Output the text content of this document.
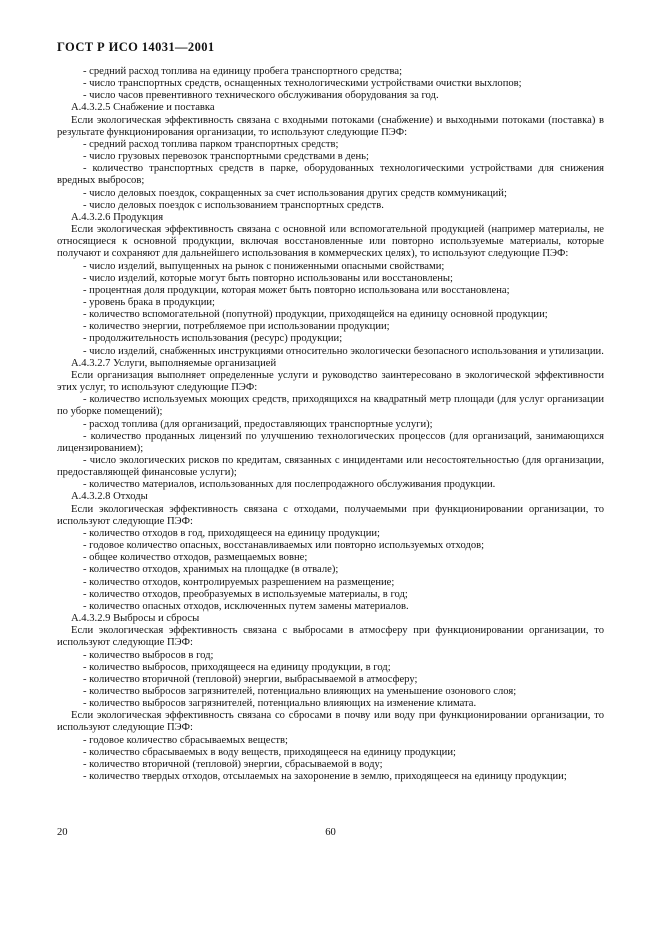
ГОСТ Р ИСО 14031—2001
- средний расход топлива на единицу пробега транспортного средства;
- число транспортных средств, оснащенных технологическими устройствами очистки выхлопов;
- число часов превентивного технического обслуживания оборудования за год.
А.4.3.2.5 Снабжение и поставка
Если экологическая эффективность связана с входными потоками (снабжение) и выходными потоками (поставка) в результате функционирования организации, то используют следующие ПЭФ:
- средний расход топлива парком транспортных средств;
- число грузовых перевозок транспортными средствами в день;
- количество транспортных средств в парке, оборудованных технологическими устройствами для снижения вредных выбросов;
- число деловых поездок, сокращенных за счет использования других средств коммуникаций;
- число деловых поездок с использованием транспортных средств.
А.4.3.2.6 Продукция
Если экологическая эффективность связана с основной или вспомогательной продукцией (например материалы, не относящиеся к основной продукции, включая восстановленные или повторно используемые материалы, которые получают и сохраняют для дальнейшего использования в коммерческих целях), то используют следующие ПЭФ:
- число изделий, выпущенных на рынок с пониженными опасными свойствами;
- число изделий, которые могут быть повторно использованы или восстановлены;
- процентная доля продукции, которая может быть повторно использована или восстановлена;
- уровень брака в продукции;
- количество вспомогательной (попутной) продукции, приходящейся на единицу основной продукции;
- количество энергии, потребляемое при использовании продукции;
- продолжительность использования (ресурс) продукции;
- число изделий, снабженных инструкциями относительно экологически безопасного использования и утилизации.
А.4.3.2.7 Услуги, выполняемые организацией
Если организация выполняет определенные услуги и руководство заинтересовано в экологической эффективности этих услуг, то используют следующие ПЭФ:
- количество используемых моющих средств, приходящихся на квадратный метр площади (для услуг организации по уборке помещений);
- расход топлива (для организаций, предоставляющих транспортные услуги);
- количество проданных лицензий по улучшению технологических процессов (для организаций, занимающихся лицензированием);
- число экологических рисков по кредитам, связанных с инцидентами или несостоятельностью (для организации, предоставляющей финансовые услуги);
- количество материалов, использованных для послепродажного обслуживания продукции.
А.4.3.2.8 Отходы
Если экологическая эффективность связана с отходами, получаемыми при функционировании организации, то используют следующие ПЭФ:
- количество отходов в год, приходящееся на единицу продукции;
- годовое количество опасных, восстанавливаемых или повторно используемых отходов;
- общее количество отходов, размещаемых вовне;
- количество отходов, хранимых на площадке (в отвале);
- количество отходов, контролируемых разрешением на размещение;
- количество отходов, преобразуемых в используемые материалы, в год;
- количество опасных отходов, исключенных путем замены материалов.
А.4.3.2.9 Выбросы и сбросы
Если экологическая эффективность связана с выбросами в атмосферу при функционировании организации, то используют следующие ПЭФ:
- количество выбросов в год;
- количество выбросов, приходящееся на единицу продукции, в год;
- количество вторичной (тепловой) энергии, выбрасываемой в атмосферу;
- количество выбросов загрязнителей, потенциально влияющих на уменьшение озонового слоя;
- количество выбросов загрязнителей, потенциально влияющих на изменение климата.
Если экологическая эффективность связана со сбросами в почву или воду при функционировании организации, то используют следующие ПЭФ:
- годовое количество сбрасываемых веществ;
- количество сбрасываемых в воду веществ, приходящееся на единицу продукции;
- количество вторичной (тепловой) энергии, сбрасываемой в воду;
- количество твердых отходов, отсылаемых на захоронение в землю, приходящееся на единицу продукции;
20	60
